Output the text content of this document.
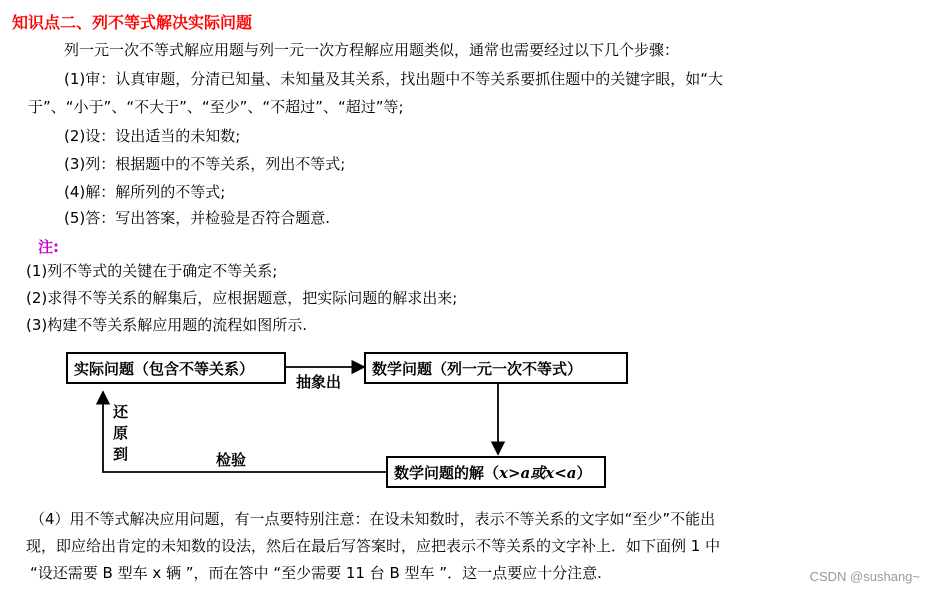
知识点二、列不等式解决实际问题
列一元一次不等式解应用题与列一元一次方程解应用题类似，通常也需要经过以下几个步骤：
(1)审：认真审题，分清已知量、未知量及其关系，找出题中不等关系要抓住题中的关键字眼，如“大
于”、“小于”、“不大于”、“至少”、“不超过”、“超过”等;
(2)设：设出适当的未知数;
(3)列：根据题中的不等关系，列出不等式;
(4)解：解所列的不等式;
(5)答：写出答案，并检验是否符合题意.
注:
(1)列不等式的关键在于确定不等关系;
(2)求得不等关系的解集后，应根据题意，把实际问题的解求出来;
(3)构建不等关系解应用题的流程如图所示.
实际问题（包含不等关系）	数学问题（列一元一次不等式）
数学问题的解（ x>a或x<a ）
抽象出
还原到	检验
（4）用不等式解决应用问题，有一点要特别注意：在设未知数时，表示不等关系的文字如“至少”不能出
现，即应给出肯定的未知数的设法，然后在最后写答案时，应把表示不等关系的文字补上．如下面例 1 中
“设还需要 B 型车 x 辆 ”，而在答中 “至少需要 11 台 B 型车 ”．这一点要应十分注意.	CSDN @sushang~
